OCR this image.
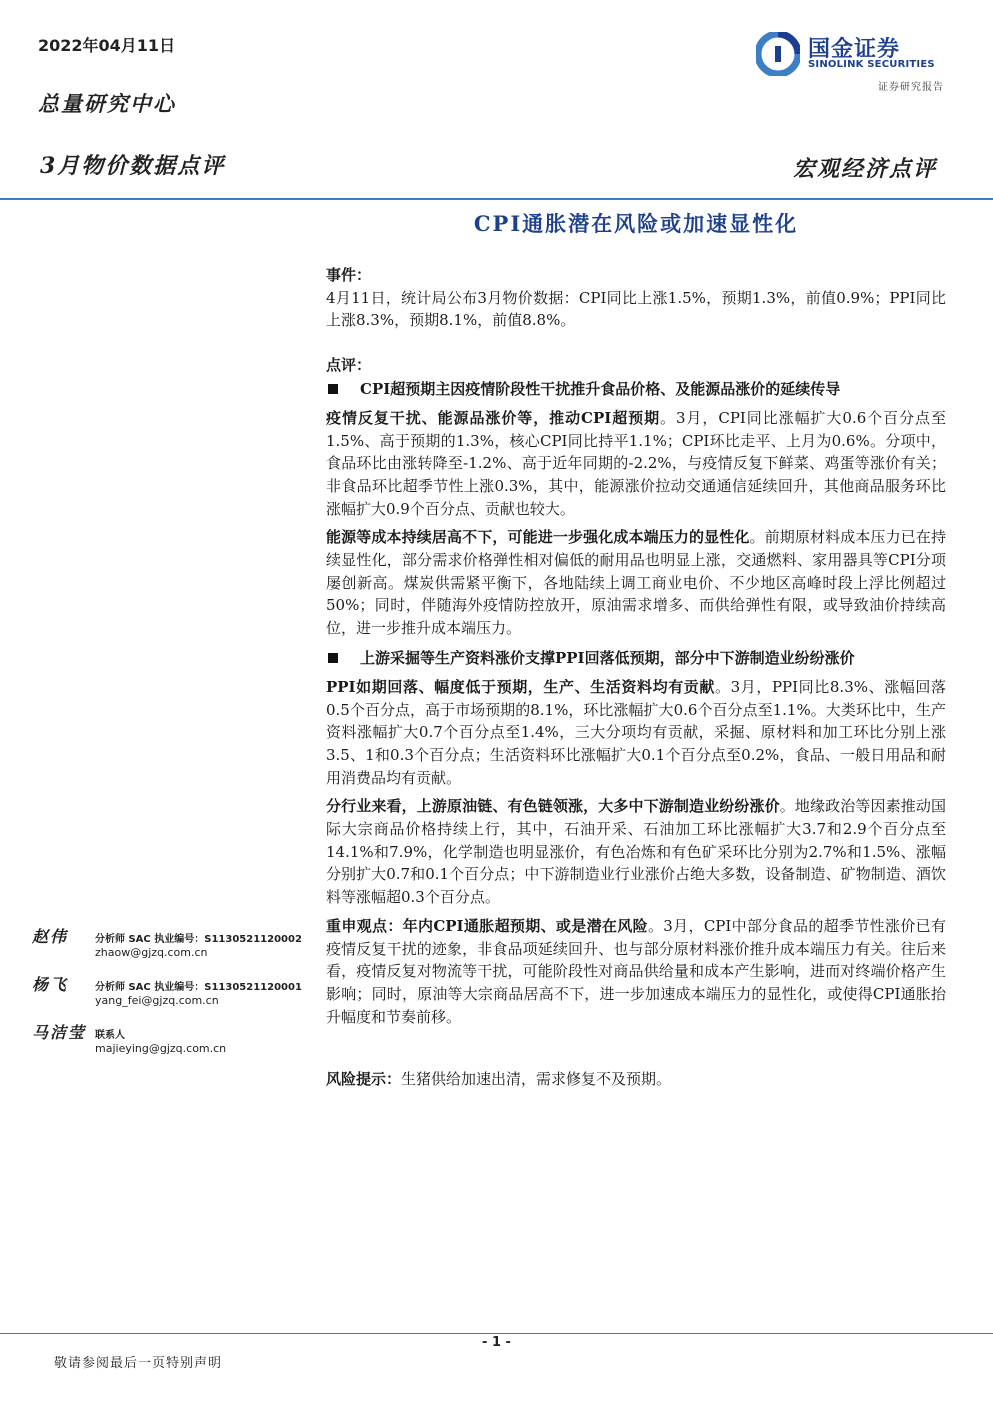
2022年04月11日
总量研究中心
3月物价数据点评	宏观经济点评
国金证券
SINOLINK SECURITIES
证券研究报告
CPI通胀潜在风险或加速显性化

事件：

4月11日，统计局公布3月物价数据：CPI同比上涨1.5%，预期1.3%，前值0.9%；PPI同比上涨8.3%，预期8.1%，前值8.8%。

点评：

CPI超预期主因疫情阶段性干扰推升食品价格、及能源品涨价的延续传导

疫情反复干扰、能源品涨价等，推动CPI超预期。3月，CPI同比涨幅扩大0.6个百分点至1.5%、高于预期的1.3%，核心CPI同比持平1.1%；CPI环比走平、上月为0.6%。分项中，食品环比由涨转降至-1.2%、高于近年同期的-2.2%，与疫情反复下鲜菜、鸡蛋等涨价有关；非食品环比超季节性上涨0.3%，其中，能源涨价拉动交通通信延续回升，其他商品服务环比涨幅扩大0.9个百分点、贡献也较大。

能源等成本持续居高不下，可能进一步强化成本端压力的显性化。前期原材料成本压力已在持续显性化，部分需求价格弹性相对偏低的耐用品也明显上涨，交通燃料、家用器具等CPI分项屡创新高。煤炭供需紧平衡下，各地陆续上调工商业电价、不少地区高峰时段上浮比例超过50%；同时，伴随海外疫情防控放开，原油需求增多、而供给弹性有限，或导致油价持续高位，进一步推升成本端压力。

上游采掘等生产资料涨价支撑PPI回落低预期，部分中下游制造业纷纷涨价

PPI如期回落、幅度低于预期，生产、生活资料均有贡献。3月，PPI同比8.3%、涨幅回落0.5个百分点，高于市场预期的8.1%，环比涨幅扩大0.6个百分点至1.1%。大类环比中，生产资料涨幅扩大0.7个百分点至1.4%，三大分项均有贡献，采掘、原材料和加工环比分别上涨3.5、1和0.3个百分点；生活资料环比涨幅扩大0.1个百分点至0.2%，食品、一般日用品和耐用消费品均有贡献。

分行业来看，上游原油链、有色链领涨，大多中下游制造业纷纷涨价。地缘政治等因素推动国际大宗商品价格持续上行，其中，石油开采、石油加工环比涨幅扩大3.7和2.9个百分点至14.1%和7.9%，化学制造也明显涨价，有色冶炼和有色矿采环比分别为2.7%和1.5%、涨幅分别扩大0.7和0.1个百分点；中下游制造业行业涨价占绝大多数，设备制造、矿物制造、酒饮料等涨幅超0.3个百分点。

重申观点：年内CPI通胀超预期、或是潜在风险。3月，CPI中部分食品的超季节性涨价已有疫情反复干扰的迹象，非食品项延续回升、也与部分原材料涨价推升成本端压力有关。往后来看，疫情反复对物流等干扰，可能阶段性对商品供给量和成本产生影响，进而对终端价格产生影响；同时，原油等大宗商品居高不下，进一步加速成本端压力的显性化，或使得CPI通胀抬升幅度和节奏前移。

风险提示：生猪供给加速出清，需求修复不及预期。

赵伟	分析师 SAC 执业编号：S1130521120002
zhaow@gjzq.com.cn
杨飞	分析师 SAC 执业编号：S1130521120001
yang_fei@gjzq.com.cn
马洁莹 联系人
majieying@gjzq.com.cn
- 1 -
敬请参阅最后一页特别声明
